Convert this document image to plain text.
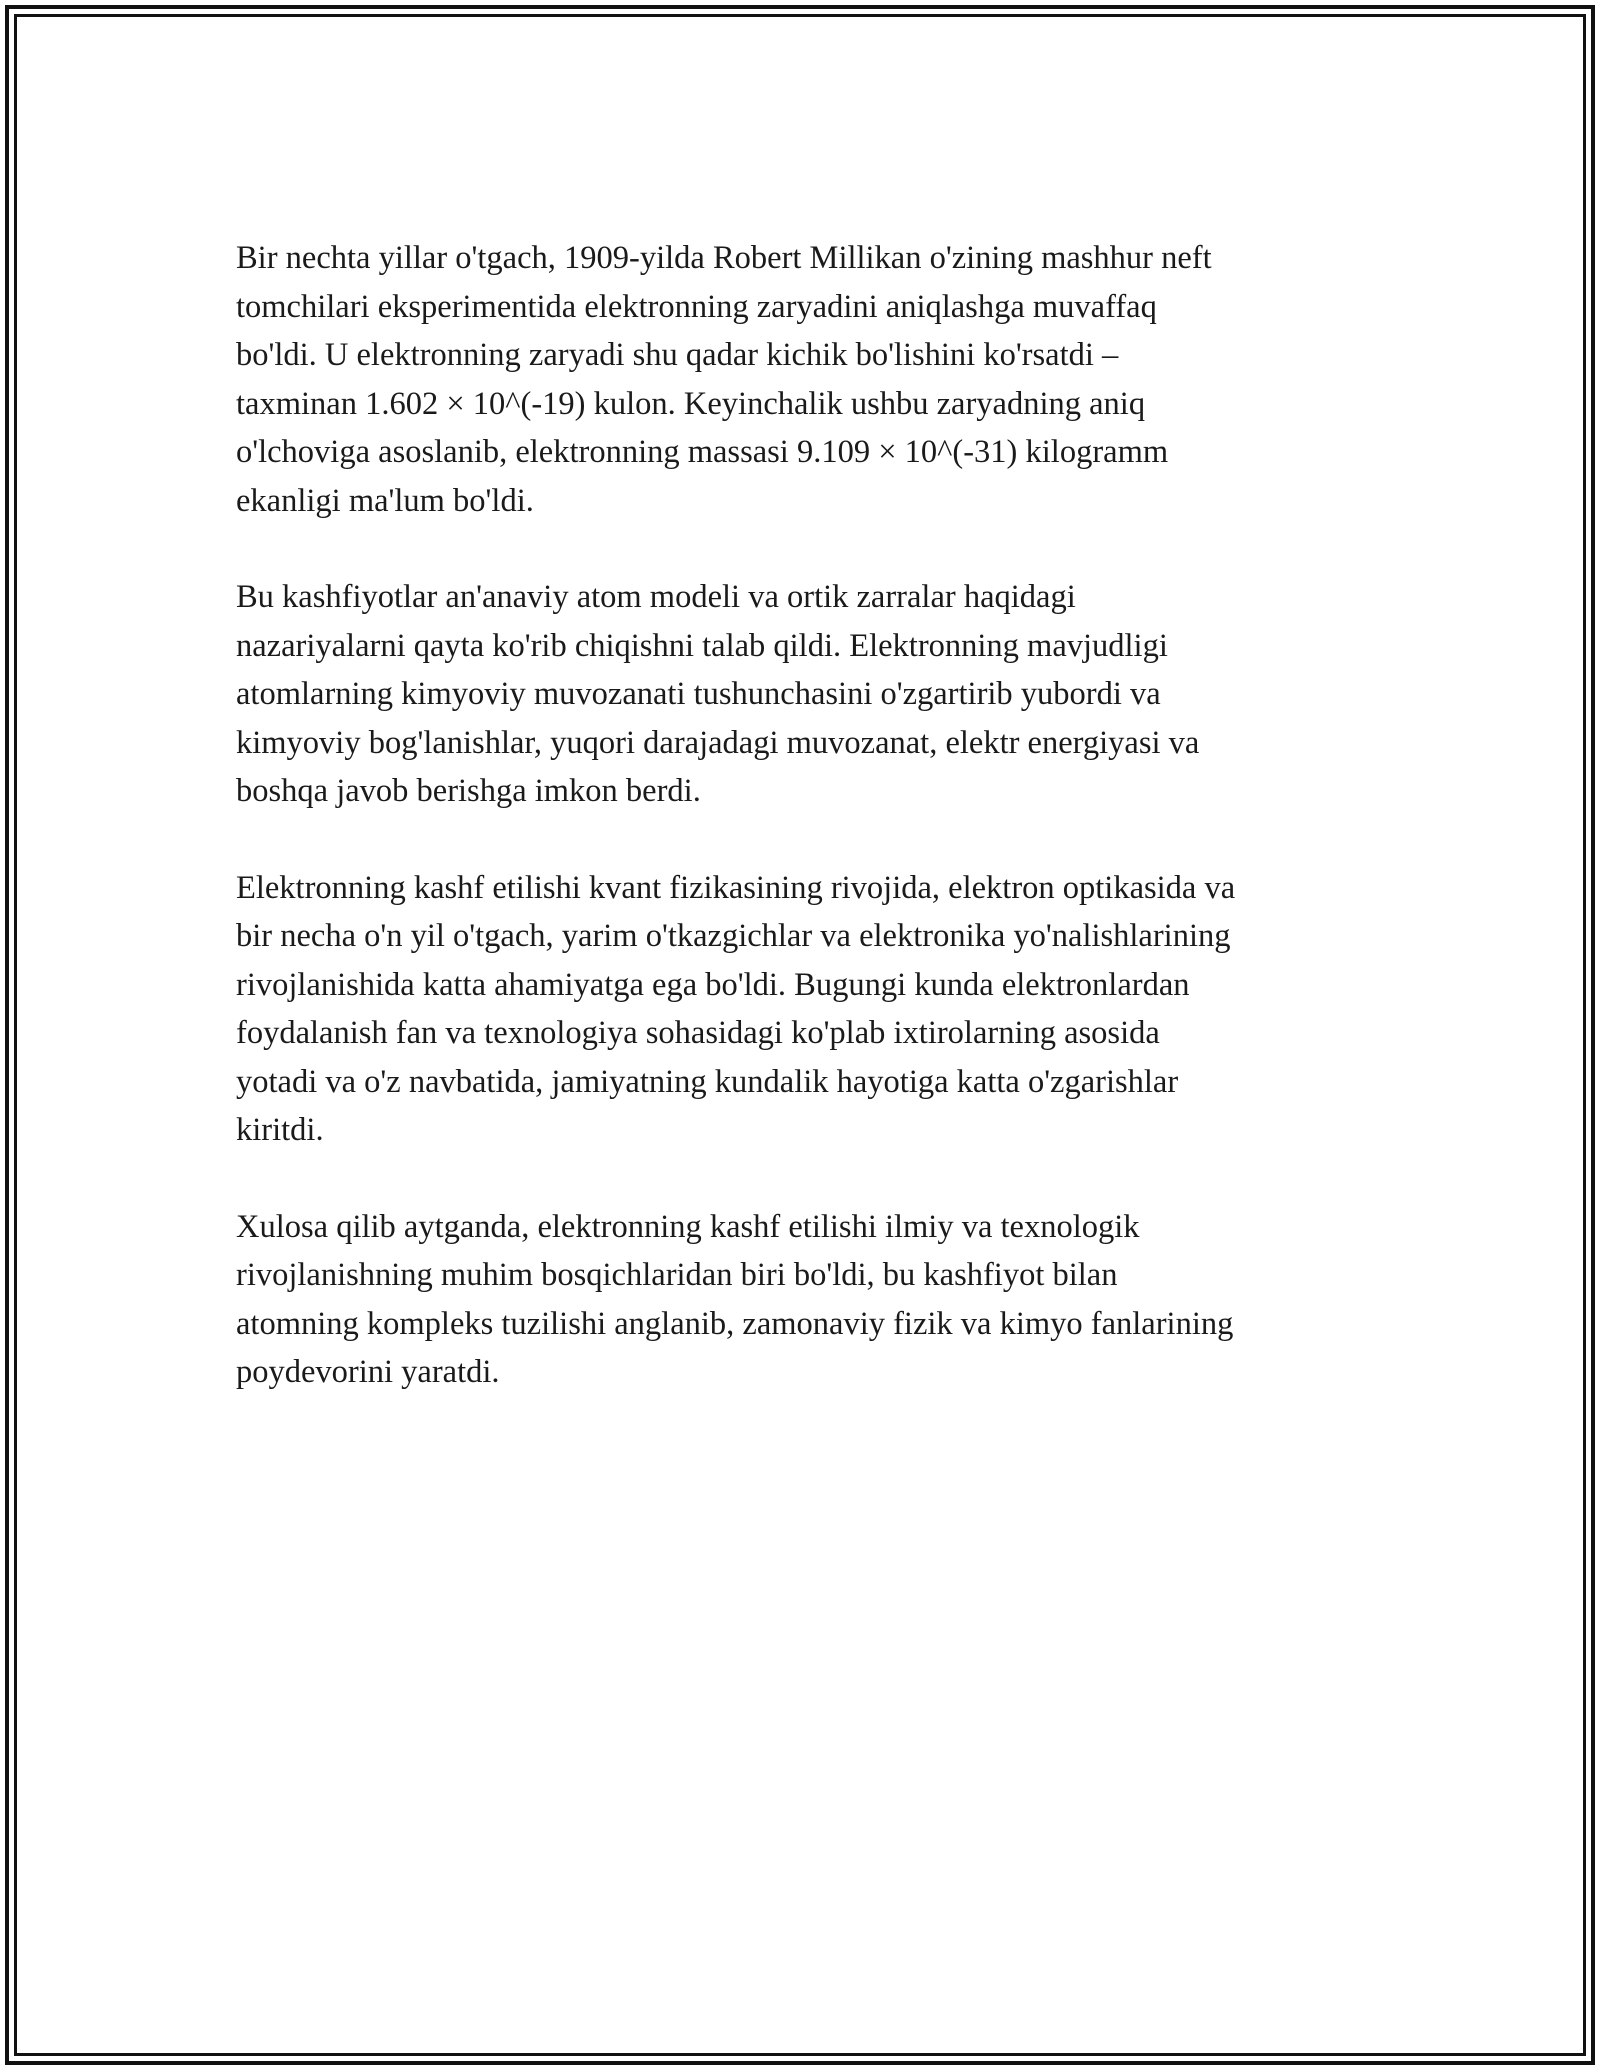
Bir nechta yillar o'tgach, 1909-yilda Robert Millikan o'zining mashhur neft
tomchilari eksperimentida elektronning zaryadini aniqlashga muvaffaq
bo'ldi. U elektronning zaryadi shu qadar kichik bo'lishini ko'rsatdi –
taxminan 1.602 × 10^(-19) kulon. Keyinchalik ushbu zaryadning aniq
o'lchoviga asoslanib, elektronning massasi 9.109 × 10^(-31) kilogramm
ekanligi ma'lum bo'ldi.

Bu kashfiyotlar an'anaviy atom modeli va ortik zarralar haqidagi
nazariyalarni qayta ko'rib chiqishni talab qildi. Elektronning mavjudligi
atomlarning kimyoviy muvozanati tushunchasini o'zgartirib yubordi va
kimyoviy bog'lanishlar, yuqori darajadagi muvozanat, elektr energiyasi va
boshqa javob berishga imkon berdi.

Elektronning kashf etilishi kvant fizikasining rivojida, elektron optikasida va
bir necha o'n yil o'tgach, yarim o'tkazgichlar va elektronika yo'nalishlarining
rivojlanishida katta ahamiyatga ega bo'ldi. Bugungi kunda elektronlardan
foydalanish fan va texnologiya sohasidagi ko'plab ixtirolarning asosida
yotadi va o'z navbatida, jamiyatning kundalik hayotiga katta o'zgarishlar
kiritdi.

Xulosa qilib aytganda, elektronning kashf etilishi ilmiy va texnologik
rivojlanishning muhim bosqichlaridan biri bo'ldi, bu kashfiyot bilan
atomning kompleks tuzilishi anglanib, zamonaviy fizik va kimyo fanlarining
poydevorini yaratdi.
